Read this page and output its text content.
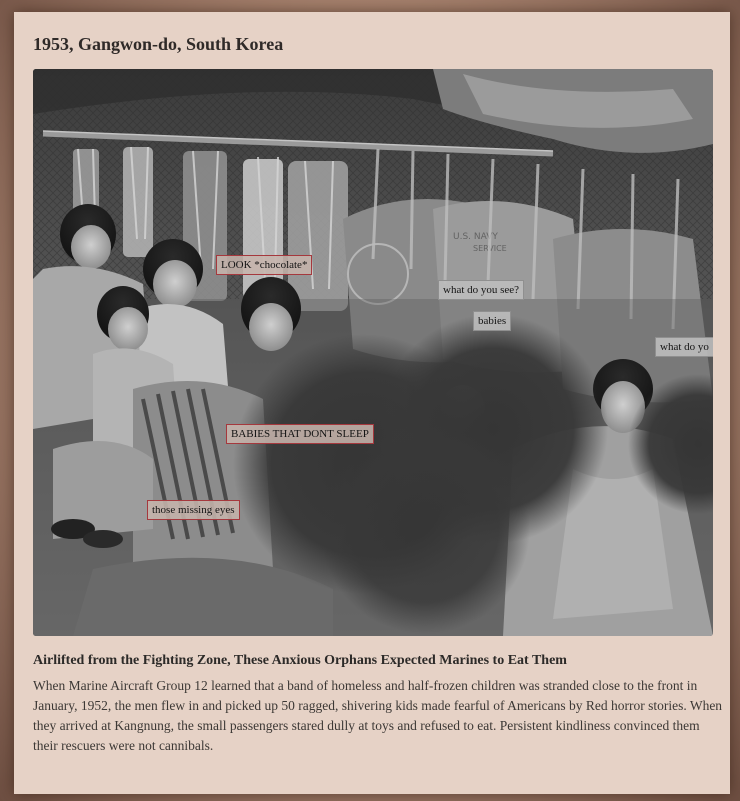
1953, Gangwon-do, South Korea
U.S. NAVY
SERVICE
LOOK *chocolate*
what do you see?
babies
what do yo
BABIES THAT DONT SLEEP
those missing eyes
Airlifted from the Fighting Zone, These Anxious Orphans Expected Marines to Eat Them

When Marine Aircraft Group 12 learned that a band of homeless and half-frozen children was stranded close to the front in January, 1952, the men flew in and picked up 50 ragged, shivering kids made fearful of Americans by Red horror stories. When they arrived at Kangnung, the small passengers stared dully at toys and refused to eat. Persistent kindliness convinced them their rescuers were not cannibals.
